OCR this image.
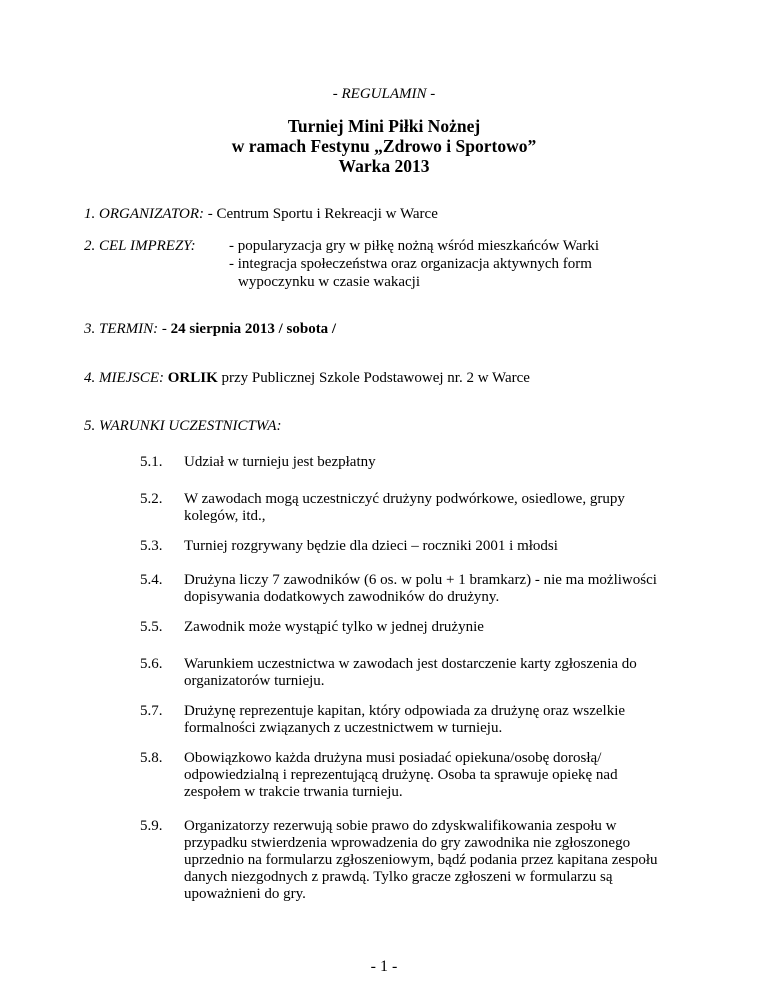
- REGULAMIN -
Turniej Mini Piłki Nożnej
w ramach Festynu „Zdrowo i Sportowo”
Warka 2013
1. ORGANIZATOR: - Centrum Sportu i Rekreacji w Warce
2. CEL IMPREZY: - popularyzacja gry w piłkę nożną wśród mieszkańców Warki
- integracja społeczeństwa oraz organizacja aktywnych form
wypoczynku w czasie wakacji
3. TERMIN: - 24 sierpnia 2013 / sobota /
4. MIEJSCE: ORLIK przy Publicznej Szkole Podstawowej nr. 2 w Warce
5. WARUNKI UCZESTNICTWA:
5.1. Udział w turnieju jest bezpłatny
5.2. W zawodach mogą uczestniczyć drużyny podwórkowe, osiedlowe, grupy
kolegów, itd.,
5.3. Turniej rozgrywany będzie dla dzieci – roczniki 2001 i młodsi
5.4. Drużyna liczy 7 zawodników (6 os. w polu + 1 bramkarz) - nie ma możliwości
dopisywania dodatkowych zawodników do drużyny.
5.5. Zawodnik może wystąpić tylko w jednej drużynie
5.6. Warunkiem uczestnictwa w zawodach jest dostarczenie karty zgłoszenia do
organizatorów turnieju.
5.7. Drużynę reprezentuje kapitan, który odpowiada za drużynę oraz wszelkie
formalności związanych z uczestnictwem w turnieju.
5.8. Obowiązkowo każda drużyna musi posiadać opiekuna/osobę dorosłą/
odpowiedzialną i reprezentującą drużynę. Osoba ta sprawuje opiekę nad
zespołem w trakcie trwania turnieju.
5.9. Organizatorzy rezerwują sobie prawo do zdyskwalifikowania zespołu w
przypadku stwierdzenia wprowadzenia do gry zawodnika nie zgłoszonego
uprzednio na formularzu zgłoszeniowym, bądź podania przez kapitana zespołu
danych niezgodnych z prawdą. Tylko gracze zgłoszeni w formularzu są
upoważnieni do gry.
- 1 -
